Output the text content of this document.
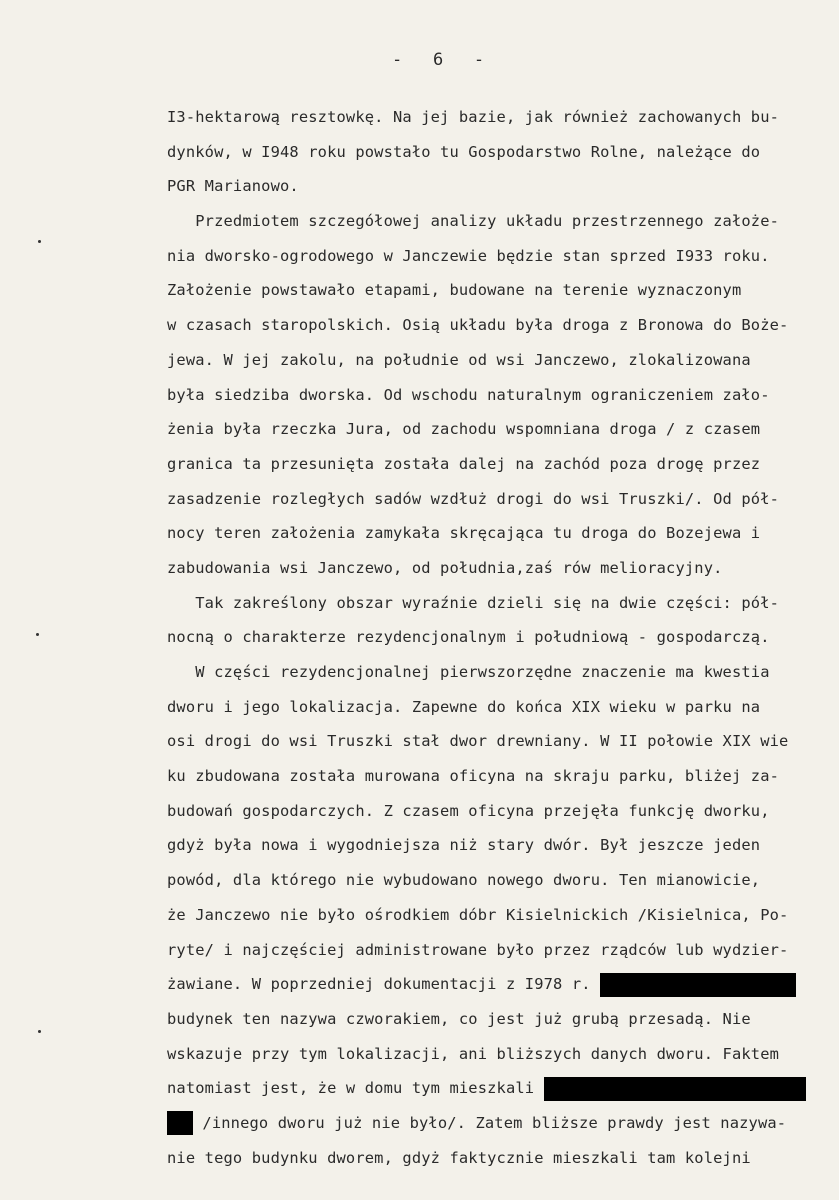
-   6   -
I3-hektarową resztowkę. Na jej bazie, jak również zachowanych bu-
dynków, w I948 roku powstało tu Gospodarstwo Rolne, należące do
PGR Marianowo.
Przedmiotem szczegółowej analizy układu przestrzennego założe-
nia dworsko-ogrodowego w Janczewie będzie stan sprzed I933 roku.
Założenie powstawało etapami, budowane na terenie wyznaczonym
w czasach staropolskich. Osią układu była droga z Bronowa do Boże-
jewa. W jej zakolu, na południe od wsi Janczewo, zlokalizowana
była siedziba dworska. Od wschodu naturalnym ograniczeniem zało-
żenia była rzeczka Jura, od zachodu wspomniana droga / z czasem
granica ta przesunięta została dalej na zachód poza drogę przez
zasadzenie rozległych sadów wzdłuż drogi do wsi Truszki/. Od pół-
nocy teren założenia zamykała skręcająca tu droga do Bozejewa i
zabudowania wsi Janczewo, od południa,zaś rów melioracyjny.
Tak zakreślony obszar wyraźnie dzieli się na dwie części: pół-
nocną o charakterze rezydencjonalnym i południową - gospodarczą.
W części rezydencjonalnej pierwszorzędne znaczenie ma kwestia
dworu i jego lokalizacja. Zapewne do końca XIX wieku w parku na
osi drogi do wsi Truszki stał dwor drewniany. W II połowie XIX wie
ku zbudowana została murowana oficyna na skraju parku, bliżej za-
budowań gospodarczych. Z czasem oficyna przejęła funkcję dworku,
gdyż była nowa i wygodniejsza niż stary dwór. Był jeszcze jeden
powód, dla którego nie wybudowano nowego dworu. Ten mianowicie,
że Janczewo nie było ośrodkiem dóbr Kisielnickich /Kisielnica, Po-
ryte/ i najczęściej administrowane było przez rządców lub wydzier-
żawiane. W poprzedniej dokumentacji z I978 r.
budynek ten nazywa czworakiem, co jest już grubą przesadą. Nie
wskazuje przy tym lokalizacji, ani bliższych danych dworu. Faktem
natomiast jest, że w domu tym mieszkali
/innego dworu już nie było/. Zatem bliższe prawdy jest nazywa-
nie tego budynku dworem, gdyż faktycznie mieszkali tam kolejni
